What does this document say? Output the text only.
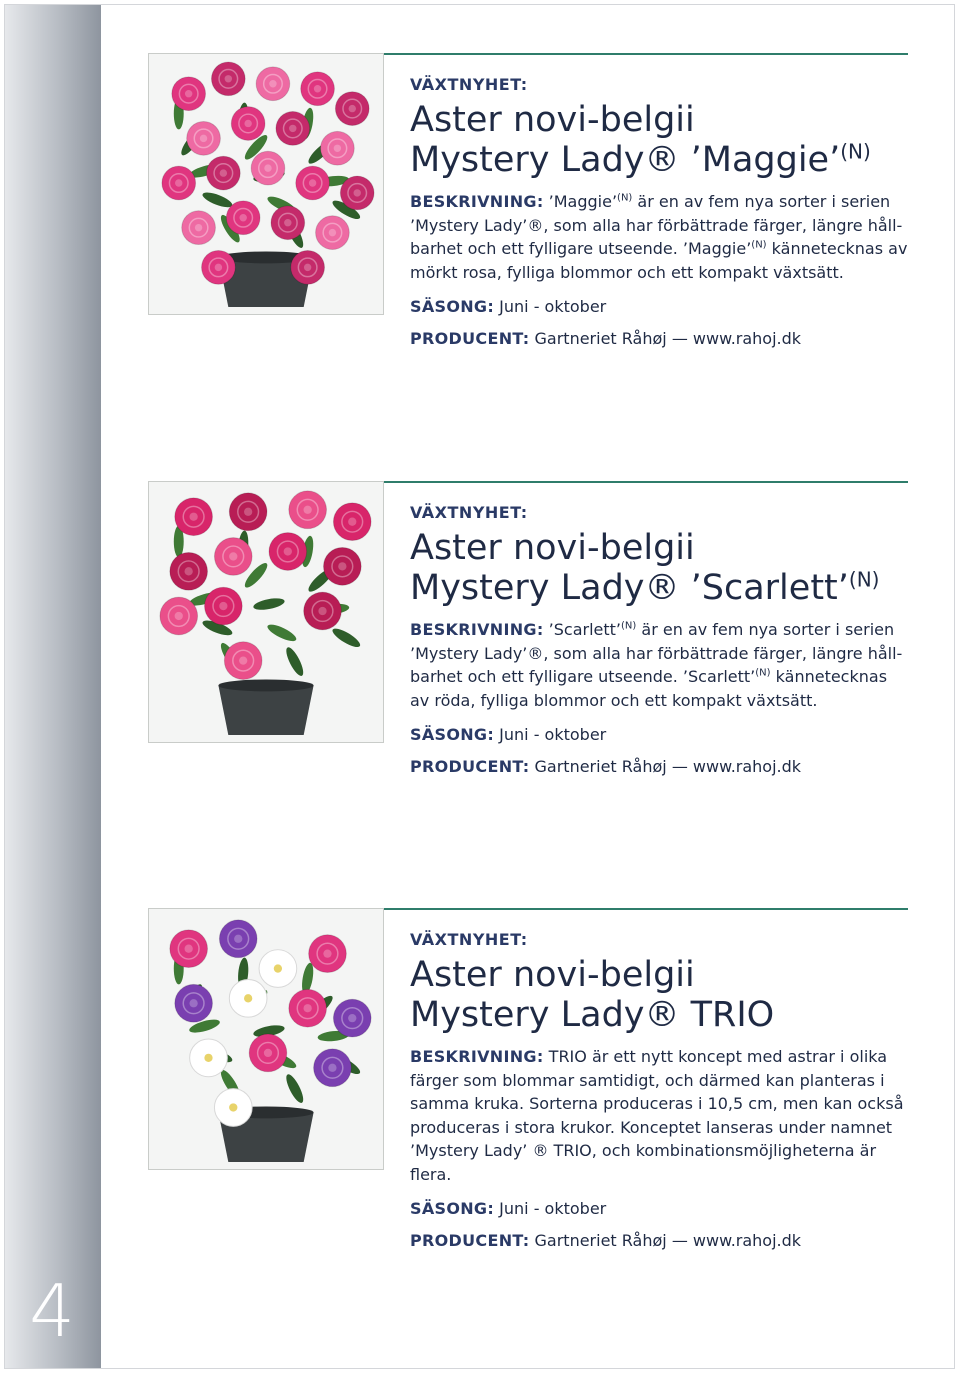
4

VÄXTNYHET:

Aster novi-belgii
Mystery Lady® ’Maggie’$^{(N)}$

BESKRIVNING: ’Maggie’$^{(N)}$ är en av fem nya sorter i serien ’Mystery Lady’®, som alla har förbättrade färger, längre håll-barhet och ett fylligare utseende. ’Maggie’$^{(N)}$ kännetecknas av mörkt rosa, fylliga blommor och ett kompakt växtsätt.

SÄSONG: Juni - oktober

PRODUCENT: Gartneriet Råhøj — www.rahoj.dk

VÄXTNYHET:

Aster novi-belgii
Mystery Lady® ’Scarlett’$^{(N)}$

BESKRIVNING: ’Scarlett’$^{(N)}$ är en av fem nya sorter i serien ’Mystery Lady’®, som alla har förbättrade färger, längre håll-barhet och ett fylligare utseende. ’Scarlett’$^{(N)}$ kännetecknas av röda, fylliga blommor och ett kompakt växtsätt.

SÄSONG: Juni - oktober

PRODUCENT: Gartneriet Råhøj — www.rahoj.dk

VÄXTNYHET:

Aster novi-belgii
Mystery Lady® TRIO

BESKRIVNING: TRIO är ett nytt koncept med astrar i olika färger som blommar samtidigt, och därmed kan planteras i samma kruka. Sorterna produceras i 10,5 cm, men kan också produceras i stora krukor. Konceptet lanseras under namnet ’Mystery Lady’ ® TRIO, och kombinationsmöjligheterna är flera.

SÄSONG: Juni - oktober

PRODUCENT: Gartneriet Råhøj — www.rahoj.dk
